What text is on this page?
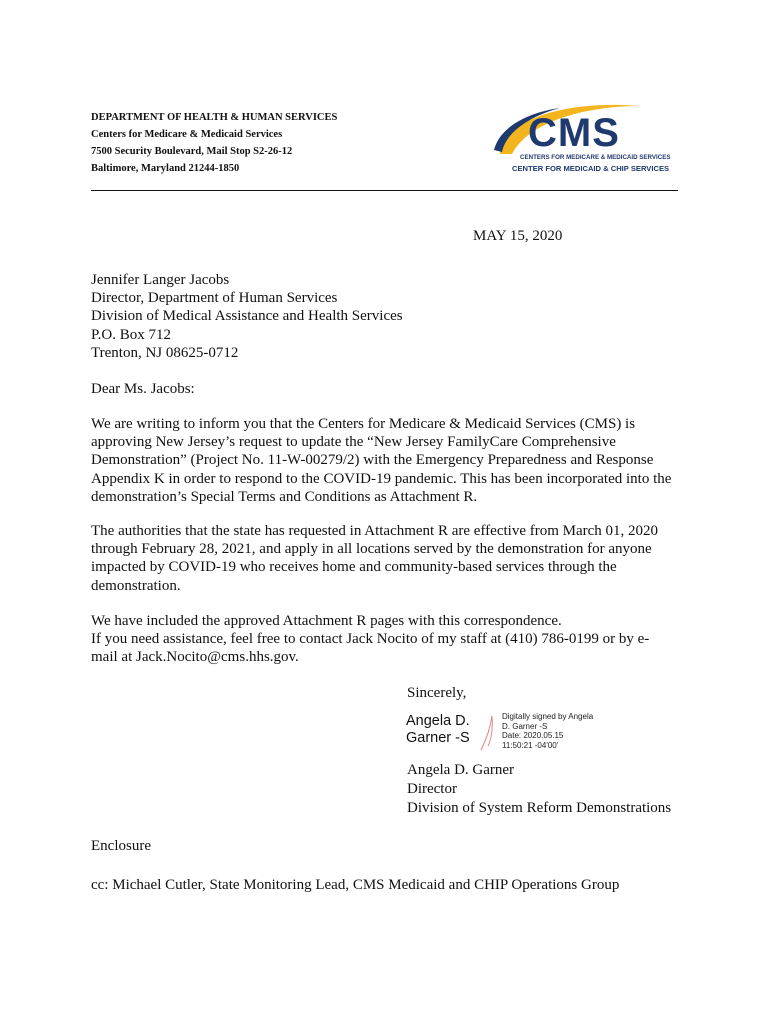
DEPARTMENT OF HEALTH & HUMAN SERVICES
Centers for Medicare & Medicaid Services
7500 Security Boulevard, Mail Stop S2-26-12
Baltimore, Maryland 21244-1850
CMS
CENTERS FOR MEDICARE & MEDICAID SERVICES
CENTER FOR MEDICAID & CHIP SERVICES
MAY 15, 2020
Jennifer Langer Jacobs
Director, Department of Human Services
Division of Medical Assistance and Health Services
P.O. Box 712
Trenton, NJ 08625-0712
Dear Ms. Jacobs:
We are writing to inform you that the Centers for Medicare & Medicaid Services (CMS) is
approving New Jersey’s request to update the “New Jersey FamilyCare Comprehensive
Demonstration” (Project No. 11-W-00279/2) with the Emergency Preparedness and Response
Appendix K in order to respond to the COVID-19 pandemic. This has been incorporated into the
demonstration’s Special Terms and Conditions as Attachment R.
The authorities that the state has requested in Attachment R are effective from March 01, 2020
through February 28, 2021, and apply in all locations served by the demonstration for anyone
impacted by COVID-19 who receives home and community-based services through the
demonstration.
We have included the approved Attachment R pages with this correspondence.
If you need assistance, feel free to contact Jack Nocito of my staff at (410) 786-0199 or by e-
mail at Jack.Nocito@cms.hhs.gov.
Sincerely,
Angela D.
Garner -S
Digitally signed by Angela
D. Garner -S
Date: 2020.05.15
11:50:21 -04'00'
Angela D. Garner
Director
Division of System Reform Demonstrations
Enclosure
cc: Michael Cutler, State Monitoring Lead, CMS Medicaid and CHIP Operations Group
